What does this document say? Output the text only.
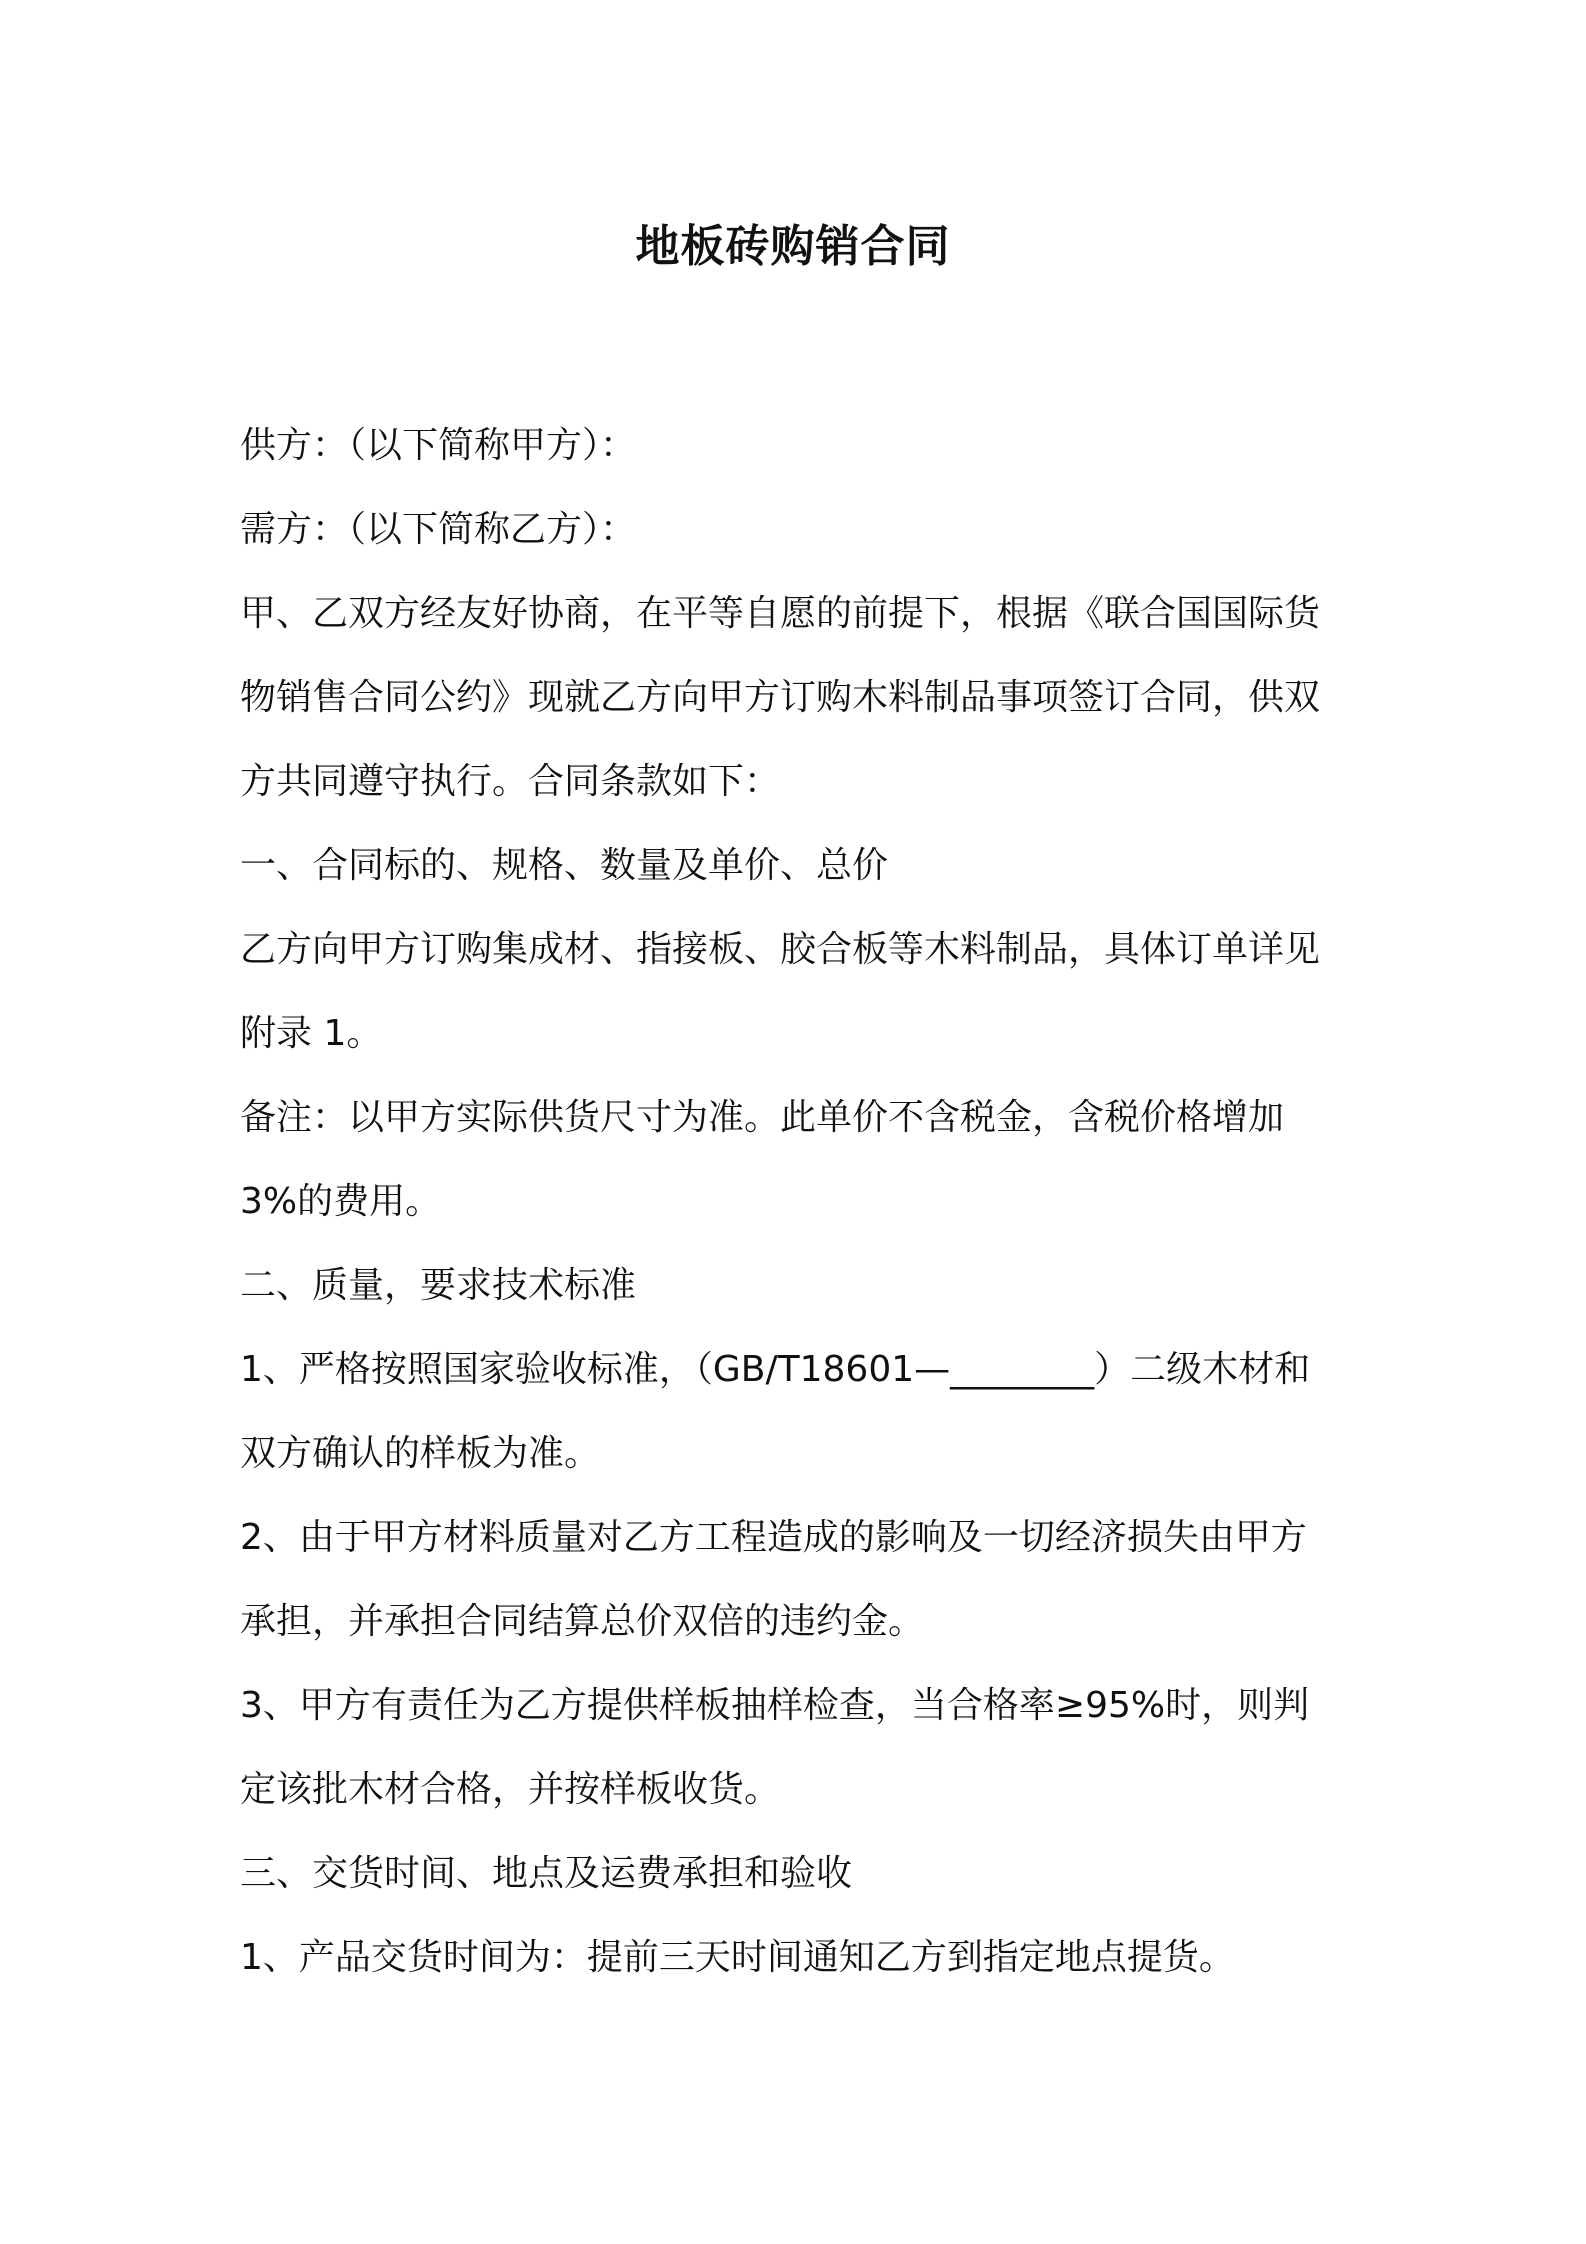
地板砖购销合同
供方：（以下简称甲方）：
需方：（以下简称乙方）：
甲、乙双方经友好协商，在平等自愿的前提下，根据《联合国国际货
物销售合同公约》现就乙方向甲方订购木料制品事项签订合同，供双
方共同遵守执行。合同条款如下：
一、合同标的、规格、数量及单价、总价
乙方向甲方订购集成材、指接板、胶合板等木料制品，具体订单详见
附录 1。
备注：以甲方实际供货尺寸为准。此单价不含税金，含税价格增加
3%的费用。
二、质量，要求技术标准
1、严格按照国家验收标准，（GB/T18601—________）二级木材和
双方确认的样板为准。
2、由于甲方材料质量对乙方工程造成的影响及一切经济损失由甲方
承担，并承担合同结算总价双倍的违约金。
3、甲方有责任为乙方提供样板抽样检查，当合格率≥95%时，则判
定该批木材合格，并按样板收货。
三、交货时间、地点及运费承担和验收
1、产品交货时间为：提前三天时间通知乙方到指定地点提货。
